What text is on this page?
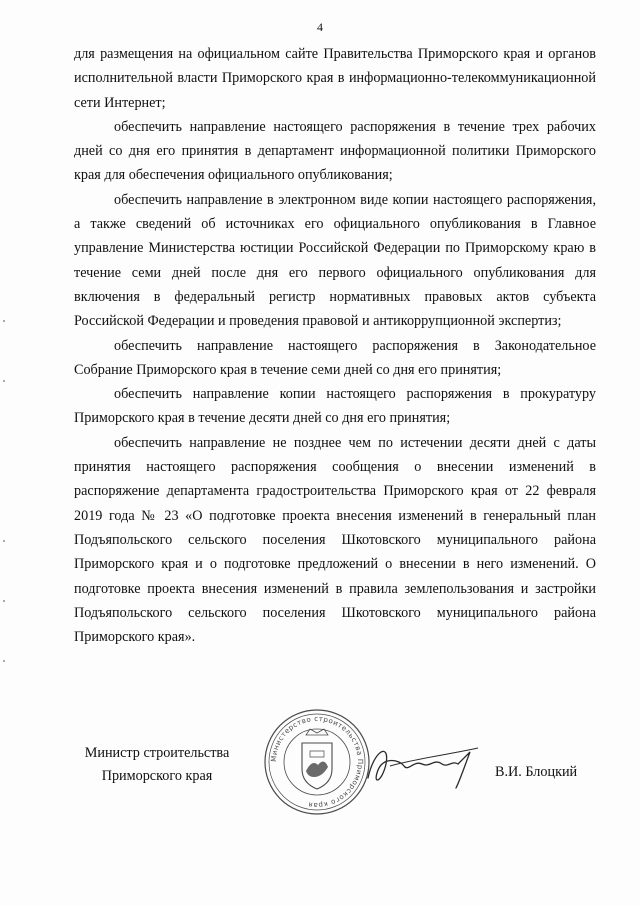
4

для размещения на официальном сайте Правительства Приморского края и органов исполнительной власти Приморского края в информационно-телекоммуникационной сети Интернет;

обеспечить направление настоящего распоряжения в течение трех рабочих дней со дня его принятия в департамент информационной политики Приморского края для обеспечения официального опубликования;

обеспечить направление в электронном виде копии настоящего распоряжения, а также сведений об источниках его официального опубликования в Главное управление Министерства юстиции Российской Федерации по Приморскому краю в течение семи дней после дня его первого официального опубликования для включения в федеральный регистр нормативных правовых актов субъекта Российской Федерации и проведения правовой и антикоррупционной экспертиз;

обеспечить направление настоящего распоряжения в Законодательное Собрание Приморского края в течение семи дней со дня его принятия;

обеспечить направление копии настоящего распоряжения в прокуратуру Приморского края в течение десяти дней со дня его принятия;

обеспечить направление не позднее чем по истечении десяти дней с даты принятия настоящего распоряжения сообщения о внесении изменений в распоряжение департамента градостроительства Приморского края от 22 февраля 2019 года № 23 «О подготовке проекта внесения изменений в генеральный план Подъяпольского сельского поселения Шкотовского муниципального района Приморского края и о подготовке предложений о внесении в него изменений. О подготовке проекта внесения изменений в правила землепользования и застройки Подъяпольского сельского поселения Шкотовского муниципального района Приморского края».

Министр строительства
Приморского края
Министерство строительства Приморского края
В.И. Блоцкий
